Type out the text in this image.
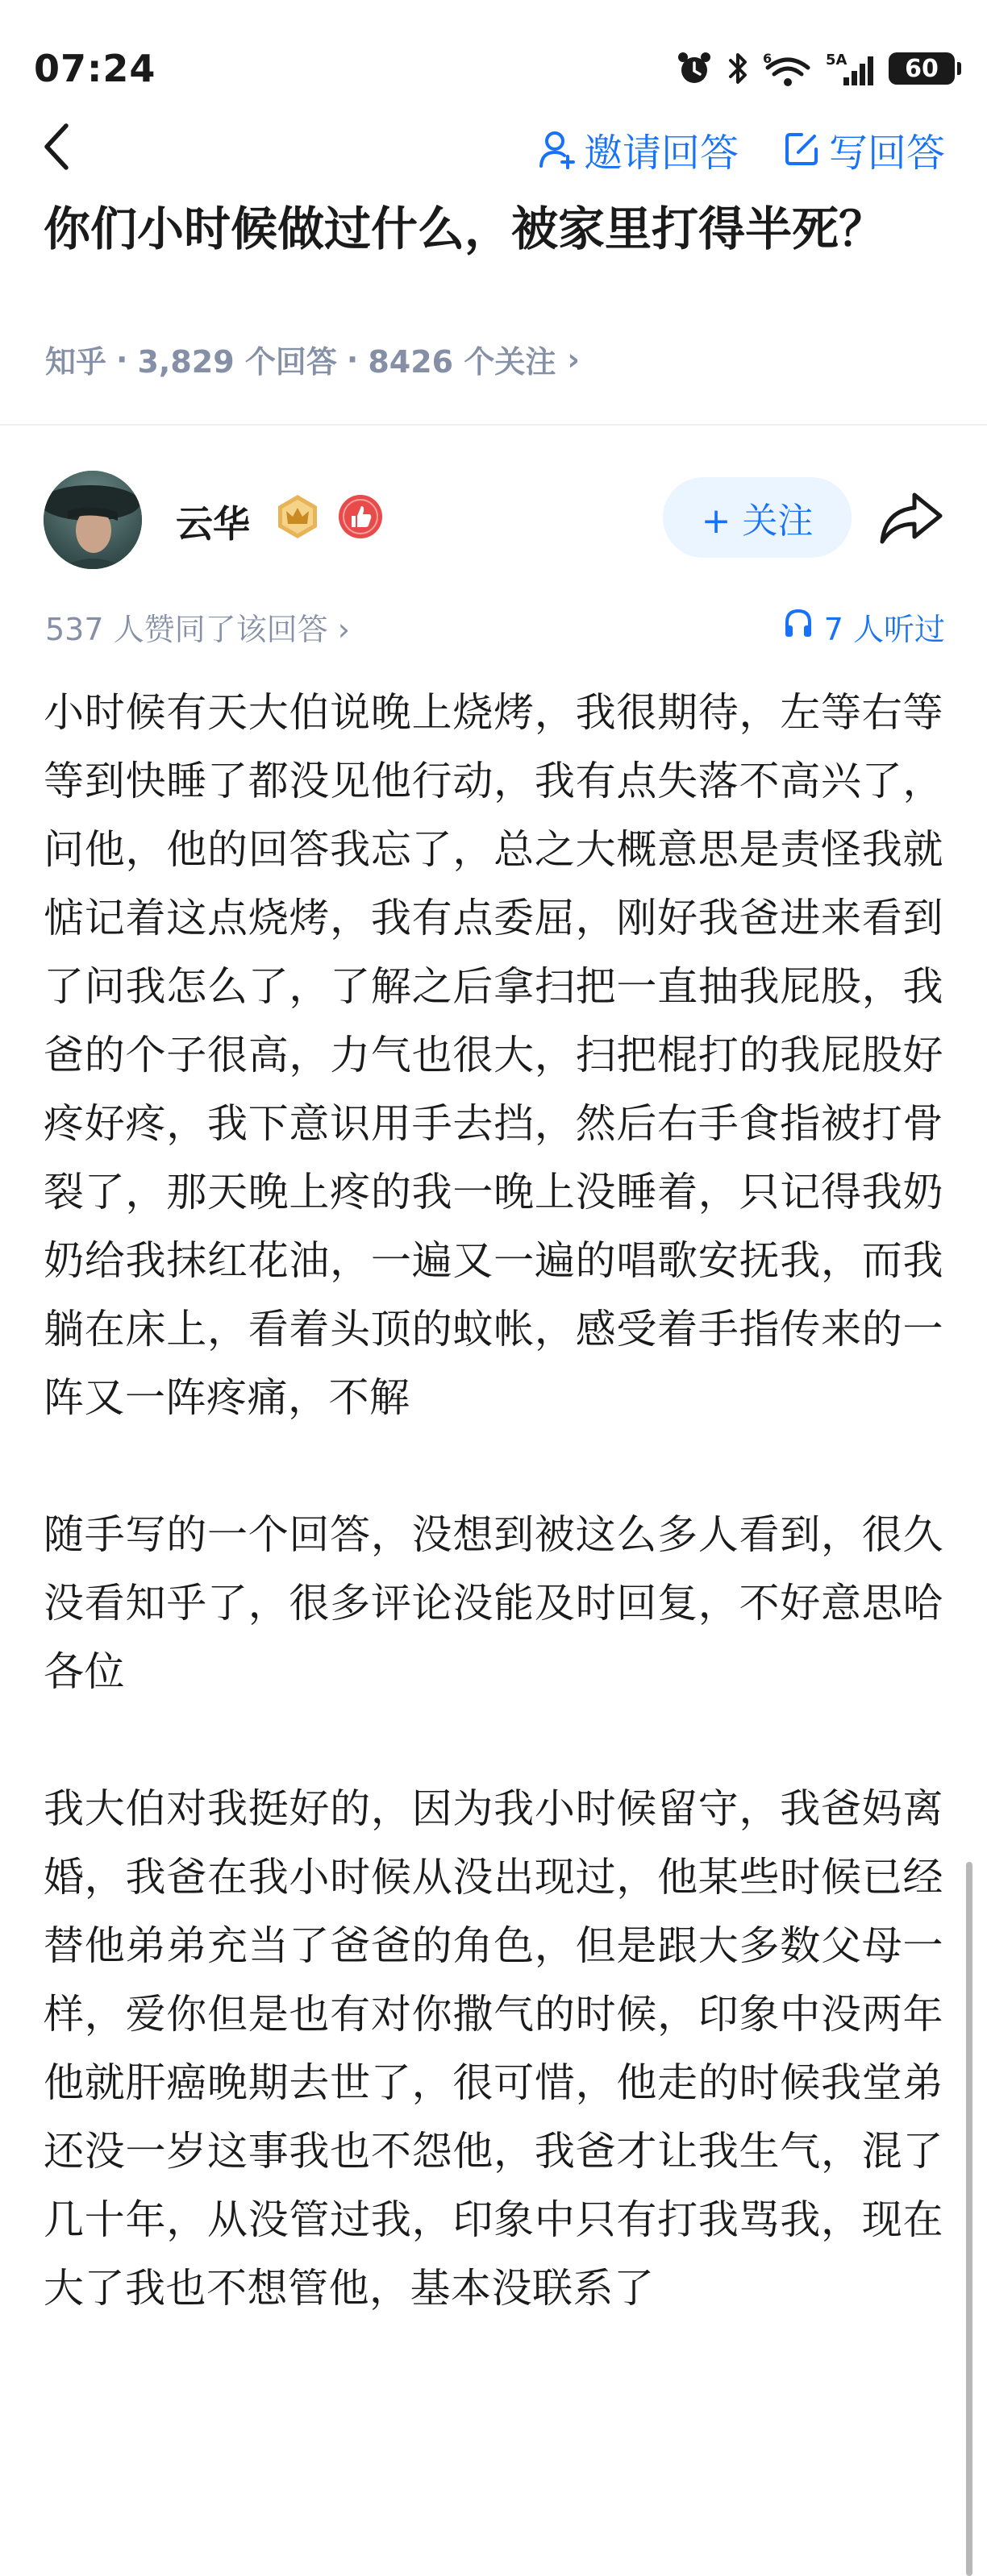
07:24	6	5A	60
邀请回答 写回答
你们小时候做过什么，被家里打得半死？
知乎 · 3,829 个回答 · 8426 个关注 ›
云华	+ 关注
537 人赞同了该回答 ›	7 人听过

小时候有天大伯说晚上烧烤，我很期待，左等右等等到快睡了都没见他行动，我有点失落不高兴了，问他，他的回答我忘了，总之大概意思是责怪我就惦记着这点烧烤，我有点委屈，刚好我爸进来看到了问我怎么了，了解之后拿扫把一直抽我屁股，我爸的个子很高，力气也很大，扫把棍打的我屁股好疼好疼，我下意识用手去挡，然后右手食指被打骨裂了，那天晚上疼的我一晚上没睡着，只记得我奶奶给我抹红花油，一遍又一遍的唱歌安抚我，而我躺在床上，看着头顶的蚊帐，感受着手指传来的一阵又一阵疼痛，不解

随手写的一个回答，没想到被这么多人看到，很久没看知乎了，很多评论没能及时回复，不好意思哈各位

我大伯对我挺好的，因为我小时候留守，我爸妈离婚，我爸在我小时候从没出现过，他某些时候已经替他弟弟充当了爸爸的角色，但是跟大多数父母一样，爱你但是也有对你撒气的时候，印象中没两年他就肝癌晚期去世了，很可惜，他走的时候我堂弟还没一岁这事我也不怨他，我爸才让我生气，混了几十年，从没管过我，印象中只有打我骂我，现在大了我也不想管他，基本没联系了
